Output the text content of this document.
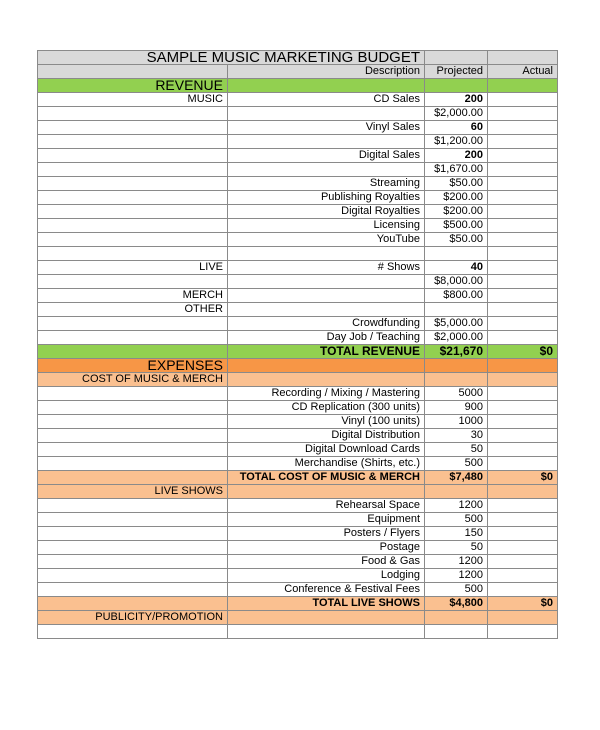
SAMPLE MUSIC MARKETING BUDGET			
	Description	Projected	Actual
REVENUE			
MUSIC	CD Sales	200	
		$2,000.00	
	Vinyl Sales	60	
		$1,200.00	
	Digital Sales	200	
		$1,670.00	
	Streaming	$50.00	
	Publishing Royalties	$200.00	
	Digital Royalties	$200.00	
	Licensing	$500.00	
	YouTube	$50.00	

LIVE	# Shows	40	
		$8,000.00	
MERCH		$800.00	
OTHER			
	Crowdfunding	$5,000.00	
	Day Job / Teaching	$2,000.00	
	TOTAL REVENUE	$21,670	$0
EXPENSES			
COST OF MUSIC & MERCH			
	Recording / Mixing / Mastering	5000	
	CD Replication (300 units)	900	
	Vinyl (100 units)	1000	
	Digital Distribution	30	
	Digital Download Cards	50	
	Merchandise (Shirts, etc.)	500	
	TOTAL COST OF MUSIC & MERCH	$7,480	$0
LIVE SHOWS			
	Rehearsal Space	1200	
	Equipment	500	
	Posters / Flyers	150	
	Postage	50	
	Food & Gas	1200	
	Lodging	1200	
	Conference & Festival Fees	500	
	TOTAL LIVE SHOWS	$4,800	$0
PUBLICITY/PROMOTION			
